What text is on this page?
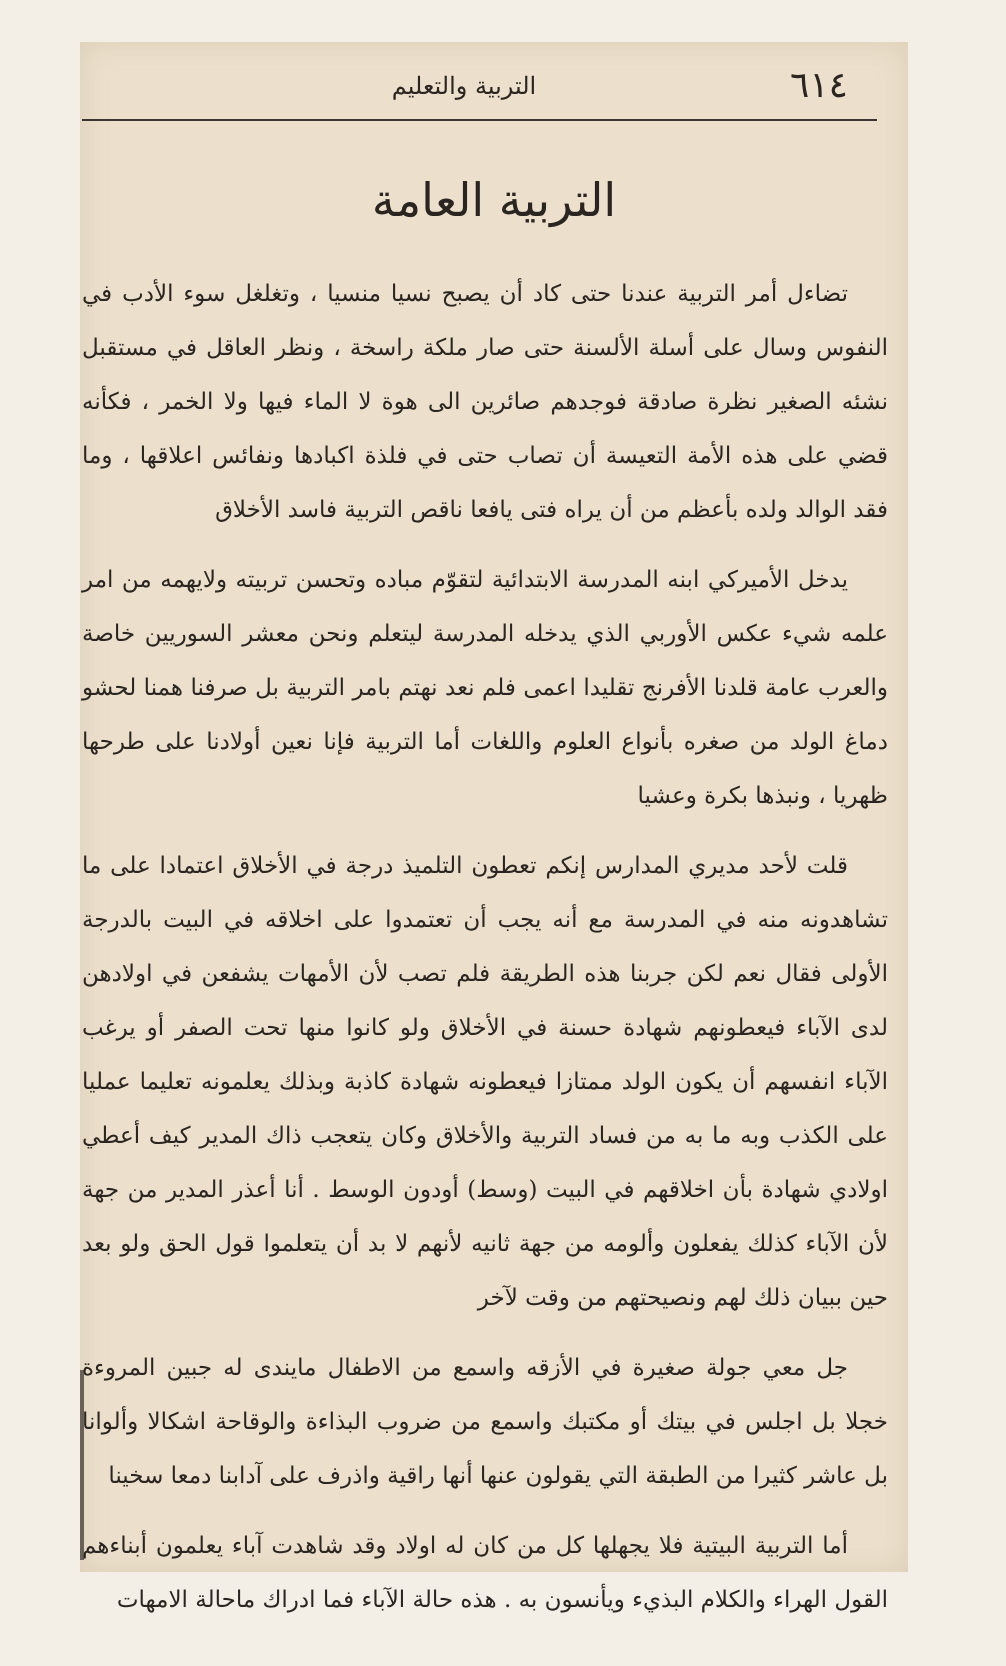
٦١٤
التربية والتعليم
التربية العامة

تضاءل أمر التربية عندنا حتى كاد أن يصبح نسيا منسيا ، وتغلغل سوء الأدب في النفوس وسال على أسلة الألسنة حتى صار ملكة راسخة ، ونظر العاقل في مستقبل نشئه الصغير نظرة صادقة فوجدهم صائرين الى هوة لا الماء فيها ولا الخمر ، فكأنه قضي على هذه الأمة التعيسة أن تصاب حتى في فلذة اكبادها ونفائس اعلاقها ، وما فقد الوالد ولده بأعظم من أن يراه فتى يافعا ناقص التربية فاسد الأخلاق

يدخل الأميركي ابنه المدرسة الابتدائية لتقوّم مباده وتحسن تربيته ولايهمه من امر علمه شيء عكس الأوربي الذي يدخله المدرسة ليتعلم ونحن معشر السوريين خاصة والعرب عامة قلدنا الأفرنج تقليدا اعمى فلم نعد نهتم بامر التربية بل صرفنا همنا لحشو دماغ الولد من صغره بأنواع العلوم واللغات أما التربية فإنا نعين أولادنا على طرحها ظهريا ، ونبذها بكرة وعشيا

قلت لأحد مديري المدارس إنكم تعطون التلميذ درجة في الأخلاق اعتمادا على ما تشاهدونه منه في المدرسة مع أنه يجب أن تعتمدوا على اخلاقه في البيت بالدرجة الأولى فقال نعم لكن جربنا هذه الطريقة فلم تصب لأن الأمهات يشفعن في اولادهن لدى الآباء فيعطونهم شهادة حسنة في الأخلاق ولو كانوا منها تحت الصفر أو يرغب الآباء انفسهم أن يكون الولد ممتازا فيعطونه شهادة كاذبة وبذلك يعلمونه تعليما عمليا على الكذب وبه ما به من فساد التربية والأخلاق وكان يتعجب ذاك المدير كيف أعطي اولادي شهادة بأن اخلاقهم في البيت (وسط) أودون الوسط . أنا أعذر المدير من جهة لأن الآباء كذلك يفعلون وألومه من جهة ثانيه لأنهم لا بد أن يتعلموا قول الحق ولو بعد حين ببيان ذلك لهم ونصيحتهم من وقت لآخر

جل معي جولة صغيرة في الأزقه واسمع من الاطفال مايندى له جبين المروءة خجلا بل اجلس في بيتك أو مكتبك واسمع من ضروب البذاءة والوقاحة اشكالا وألوانا بل عاشر كثيرا من الطبقة التي يقولون عنها أنها راقية واذرف على آدابنا دمعا سخينا

أما التربية البيتية فلا يجهلها كل من كان له اولاد وقد شاهدت آباء يعلمون أبناءهم القول الهراء والكلام البذيء ويأنسون به . هذه حالة الآباء فما ادراك ماحالة الامهات
